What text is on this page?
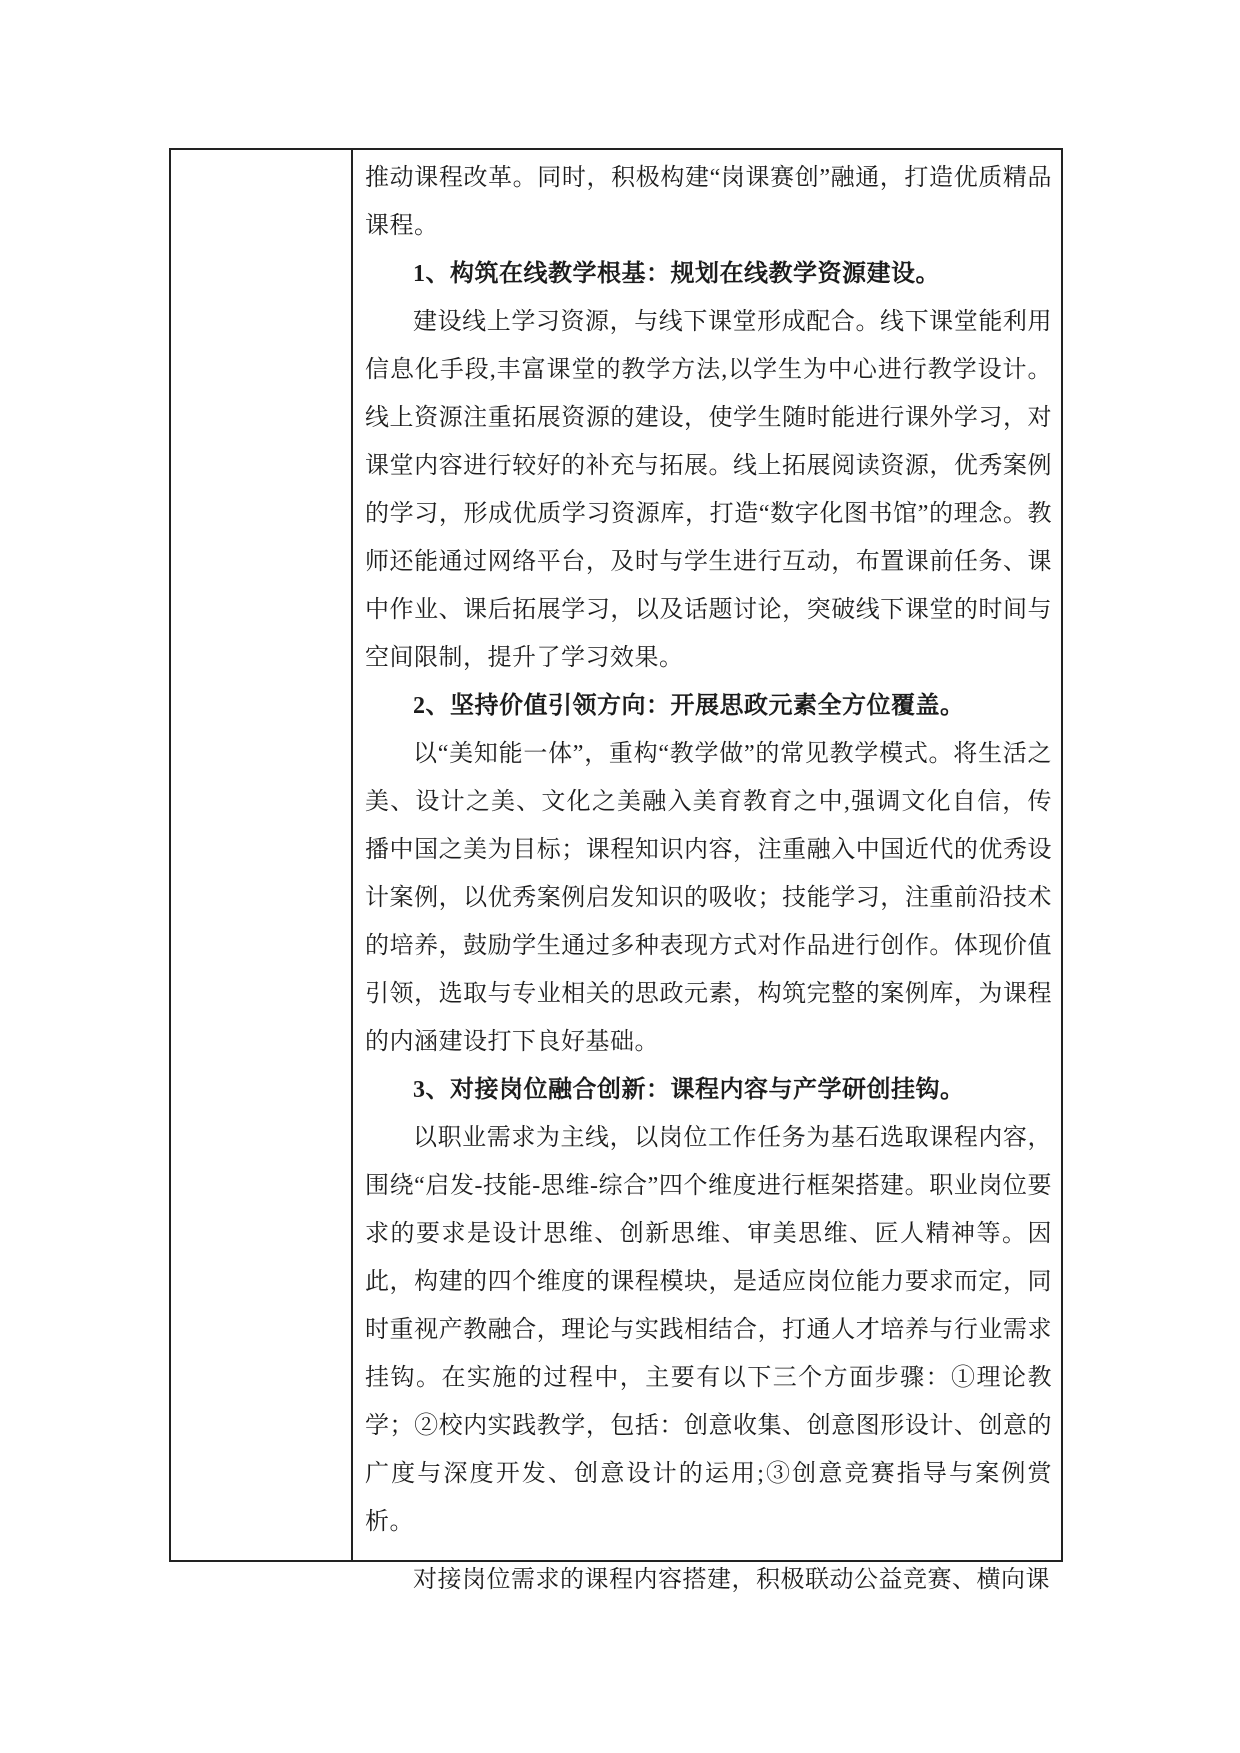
推动课程改革。同时，积极构建“岗课赛创”融通，打造优质精品课程。

1、构筑在线教学根基：规划在线教学资源建设。

建设线上学习资源，与线下课堂形成配合。线下课堂能利用信息化手段,丰富课堂的教学方法,以学生为中心进行教学设计。线上资源注重拓展资源的建设，使学生随时能进行课外学习，对课堂内容进行较好的补充与拓展。线上拓展阅读资源，优秀案例的学习，形成优质学习资源库，打造“数字化图书馆”的理念。教师还能通过网络平台，及时与学生进行互动，布置课前任务、课中作业、课后拓展学习，以及话题讨论，突破线下课堂的时间与空间限制，提升了学习效果。

2、坚持价值引领方向：开展思政元素全方位覆盖。

以“美知能一体”，重构“教学做”的常见教学模式。将生活之美、设计之美、文化之美融入美育教育之中,强调文化自信，传播中国之美为目标；课程知识内容，注重融入中国近代的优秀设计案例，以优秀案例启发知识的吸收；技能学习，注重前沿技术的培养，鼓励学生通过多种表现方式对作品进行创作。体现价值引领，选取与专业相关的思政元素，构筑完整的案例库，为课程的内涵建设打下良好基础。

3、对接岗位融合创新：课程内容与产学研创挂钩。

以职业需求为主线，以岗位工作任务为基石选取课程内容，围绕“启发-技能-思维-综合”四个维度进行框架搭建。职业岗位要求的要求是设计思维、创新思维、审美思维、匠人精神等。因此，构建的四个维度的课程模块，是适应岗位能力要求而定，同时重视产教融合，理论与实践相结合，打通人才培养与行业需求挂钩。在实施的过程中，主要有以下三个方面步骤：①理论教学；②校内实践教学，包括：创意收集、创意图形设计、创意的广度与深度开发、创意设计的运用;③创意竞赛指导与案例赏析。

对接岗位需求的课程内容搭建，积极联动公益竞赛、横向课
